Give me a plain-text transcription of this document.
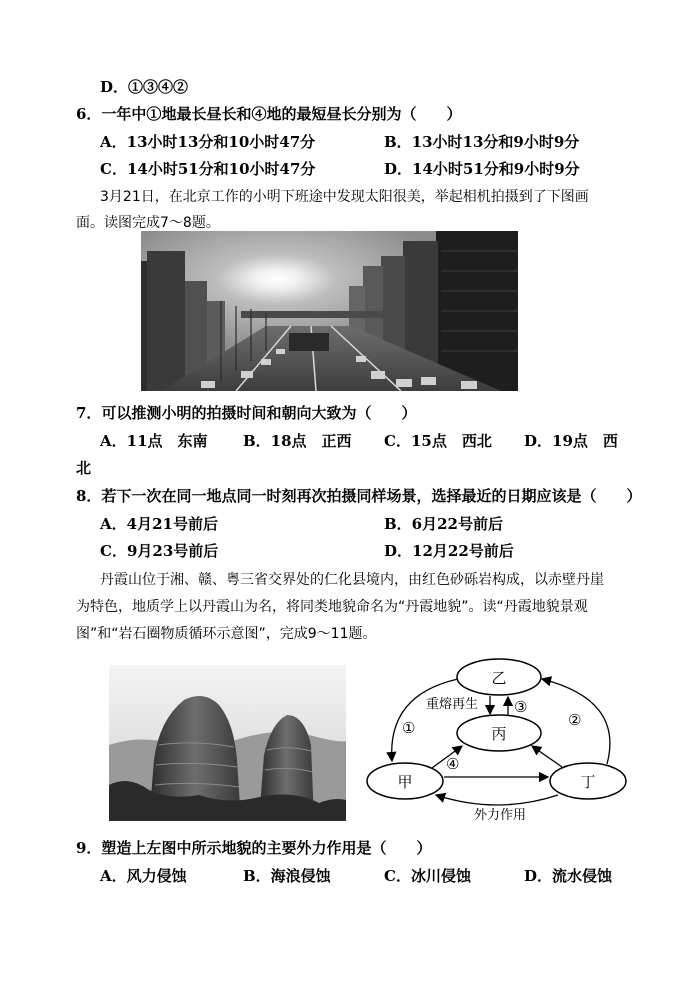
D．①③④②
6．一年中①地最长昼长和④地的最短昼长分别为（　　）
A．13小时13分和10小时47分	B．13小时13分和9小时9分
C．14小时51分和10小时47分	D．14小时51分和9小时9分
3月21日，在北京工作的小明下班途中发现太阳很美，举起相机拍摄到了下图画
面。读图完成7～8题。
7．可以推测小明的拍摄时间和朝向大致为（　　）
A．11点　东南 B．18点　正西 C．15点　西北 D．19点　西
北
8．若下一次在同一地点同一时刻再次拍摄同样场景，选择最近的日期应该是（　　）
A．4月21号前后	B．6月22号前后
C．9月23号前后	D．12月22号前后
丹霞山位于湘、赣、粤三省交界处的仁化县境内，由红色砂砾岩构成，以赤壁丹崖
为特色，地质学上以丹霞山为名，将同类地貌命名为“丹霞地貌”。读“丹霞地貌景观
图”和“岩石圈物质循环示意图”，完成9～11题。
乙
丙
甲	丁
重熔再生
外力作用
①	②
③
④
9．塑造上左图中所示地貌的主要外力作用是（　　）
A．风力侵蚀	B．海浪侵蚀	C．冰川侵蚀	D．流水侵蚀
